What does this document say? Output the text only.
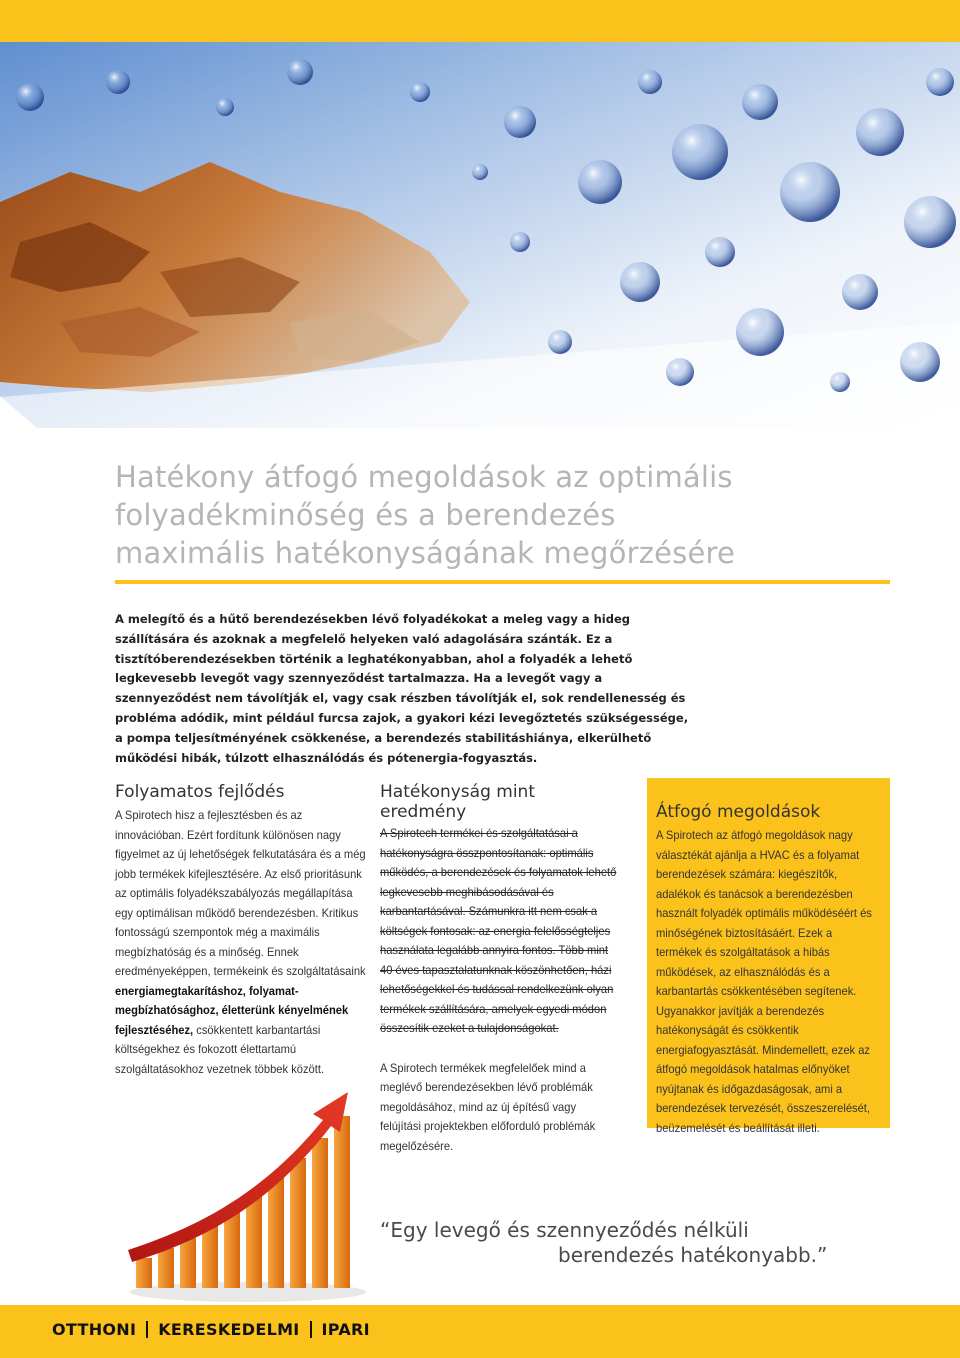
Hatékony átfogó megoldások az optimális
folyadékminőség és a berendezés
maximális hatékonyságának megőrzésére

A melegítő és a hűtő berendezésekben lévő folyadékokat a meleg vagy a hideg szállítására és azoknak a megfelelő helyeken való adagolására szánták. Ez a tisztítóberendezésekben történik a leghatékonyabban, ahol a folyadék a lehető legkevesebb levegőt vagy szennyeződést tartalmazza. Ha a levegőt vagy a szennyeződést nem távolítják el, vagy csak részben távolítják el, sok rendellenesség és probléma adódik, mint például furcsa zajok, a gyakori kézi levegőztetés szükségessége, a pompa teljesítményének csökkenése, a berendezés stabilitáshiánya, elkerülhető működési hibák, túlzott elhasználódás és pótenergia-fogyasztás.

Folyamatos fejlődés

A Spirotech hisz a fejlesztésben és az innovációban. Ezért fordítunk különösen nagy figyelmet az új lehetőségek felkutatására és a még jobb termékek kifejlesztésére. Az első prioritásunk az optimális folyadékszabályozás megállapítása egy optimálisan működő berendezésben. Kritikus fontosságú szempontok még a maximális megbízhatóság és a minőség. Ennek eredményeképpen, termékeink és szolgáltatásaink energiamegtakarításhoz, folyamat-megbízhatósághoz, életterünk kényelmének fejlesztéséhez, csökkentett karbantartási költségekhez és fokozott élettartamú szolgáltatásokhoz vezetnek többek között.

Hatékonyság mint eredmény

A Spirotech termékei és szolgáltatásai a hatékonyságra összpontosítanak: optimális működés, a berendezések és folyamatok lehető legkevesebb meghibásodásával és karbantartásával. Számunkra itt nem csak a költségek fontosak: az energia felelősségteljes használata legalább annyira fontos. Több mint 40 éves tapasztalatunknak köszönhetően, házi lehetőségekkel és tudással rendelkezünk olyan termékek szállítására, amelyek egyedi módon összesítik ezeket a tulajdonságokat.

A Spirotech termékek megfelelőek mind a meglévő berendezésekben lévő problémák megoldásához, mind az új építésű vagy felújítási projektekben előforduló problémák megelőzésére.

Átfogó megoldások

A Spirotech az átfogó megoldások nagy választékát ajánlja a HVAC és a folyamat berendezések számára: kiegészítők, adalékok és tanácsok a berendezésben használt folyadék optimális működéséért és minőségének biztosításáért. Ezek a termékek és szolgáltatások a hibás működések, az elhasználódás és a karbantartás csökkentésében segítenek. Ugyanakkor javítják a berendezés hatékonyságát és csökkentik energiafogyasztását. Mindemellett, ezek az átfogó megoldások hatalmas előnyöket nyújtanak és időgazdaságosak, ami a berendezések tervezését, összeszerelését, beüzemelését és beállítását illeti.

“Egy levegő és szennyeződés nélküli
berendezés hatékonyabb.”
OTTHONI KERESKEDELMI IPARI
